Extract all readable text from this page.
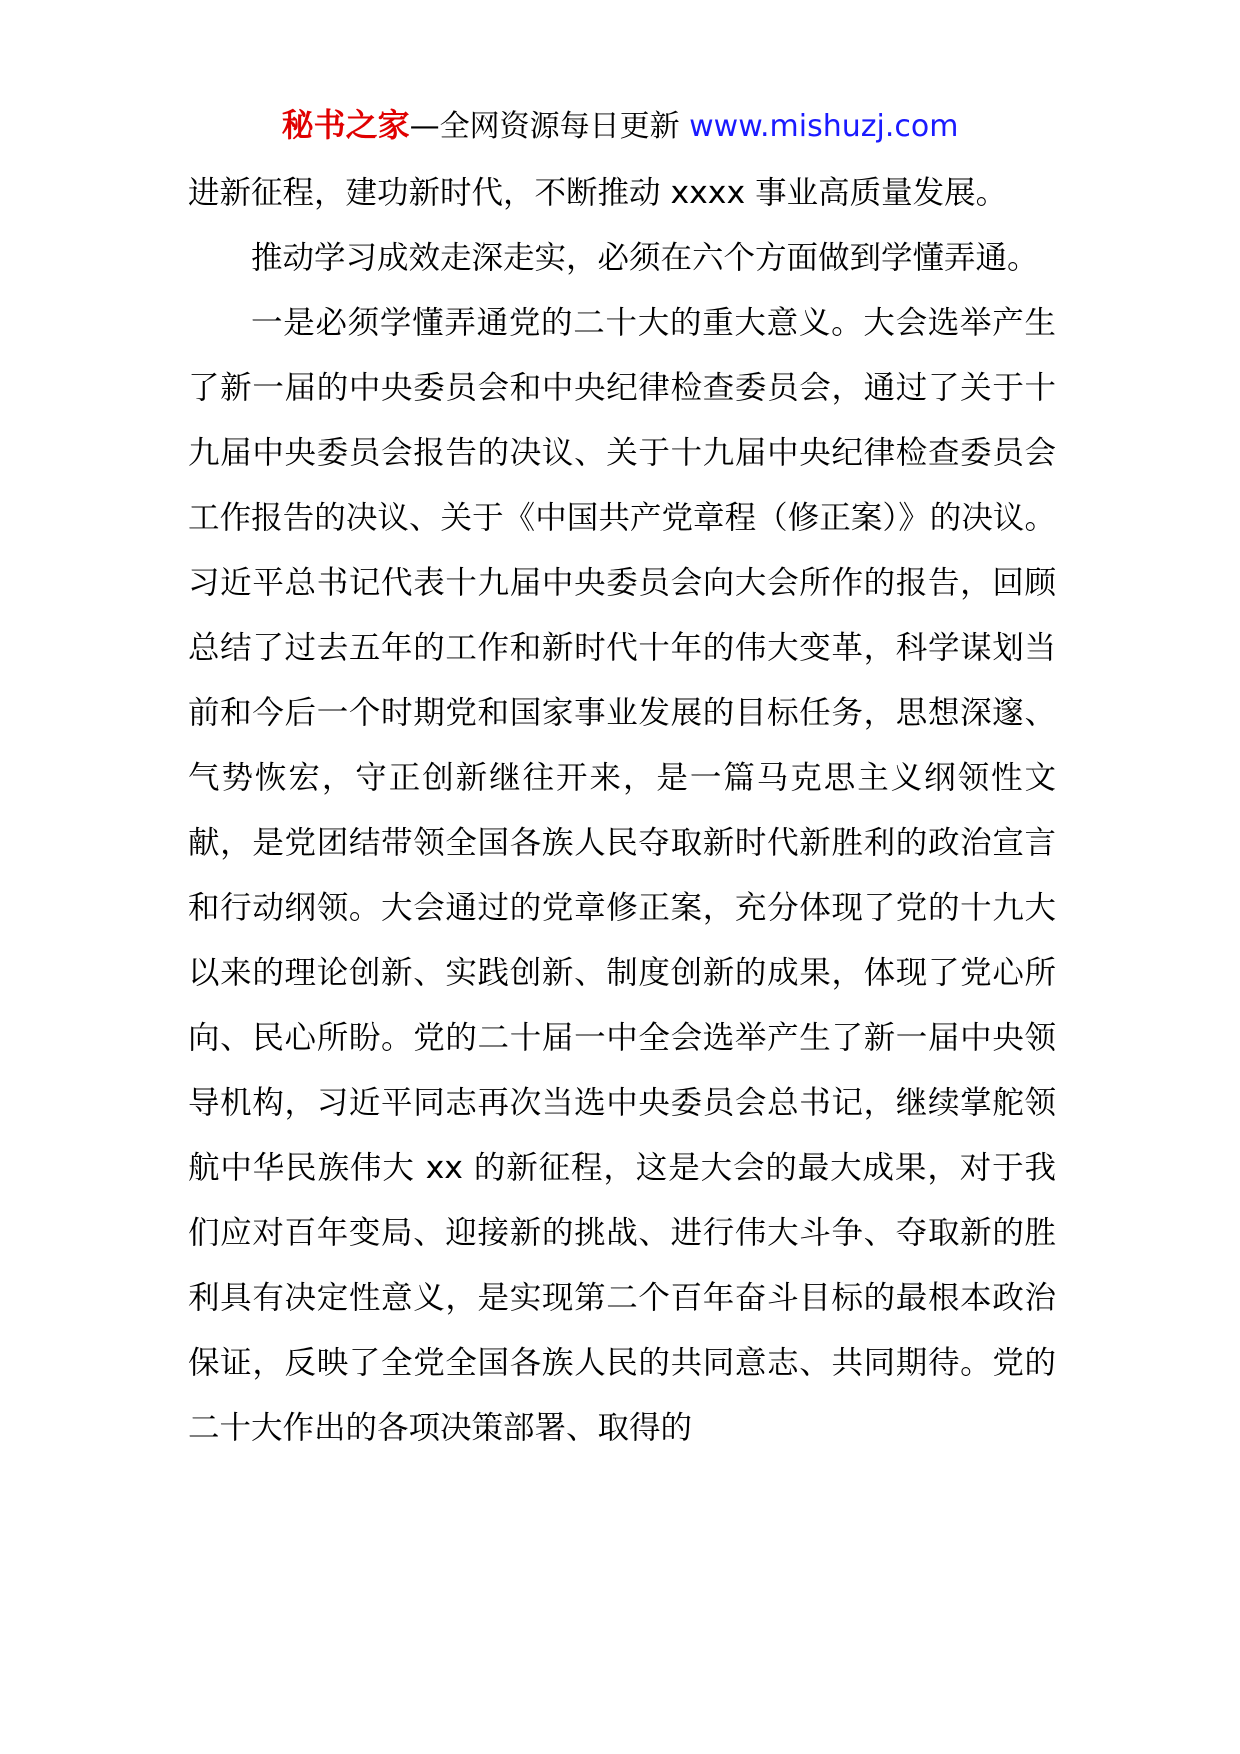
秘书之家—全网资源每日更新 www.mishuzj.com

进新征程，建功新时代，不断推动 xxxx 事业高质量发展。

推动学习成效走深走实，必须在六个方面做到学懂弄通。

一是必须学懂弄通党的二十大的重大意义。大会选举产生了新一届的中央委员会和中央纪律检查委员会，通过了关于十九届中央委员会报告的决议、关于十九届中央纪律检查委员会工作报告的决议、关于《中国共产党章程（修正案）》的决议。习近平总书记代表十九届中央委员会向大会所作的报告，回顾总结了过去五年的工作和新时代十年的伟大变革，科学谋划当前和今后一个时期党和国家事业发展的目标任务，思想深邃、气势恢宏，守正创新继往开来，是一篇马克思主义纲领性文献，是党团结带领全国各族人民夺取新时代新胜利的政治宣言和行动纲领。大会通过的党章修正案，充分体现了党的十九大以来的理论创新、实践创新、制度创新的成果，体现了党心所向、民心所盼。党的二十届一中全会选举产生了新一届中央领导机构，习近平同志再次当选中央委员会总书记，继续掌舵领航中华民族伟大 xx 的新征程，这是大会的最大成果，对于我们应对百年变局、迎接新的挑战、进行伟大斗争、夺取新的胜利具有决定性意义，是实现第二个百年奋斗目标的最根本政治保证，反映了全党全国各族人民的共同意志、共同期待。党的二十大作出的各项决策部署、取得的
